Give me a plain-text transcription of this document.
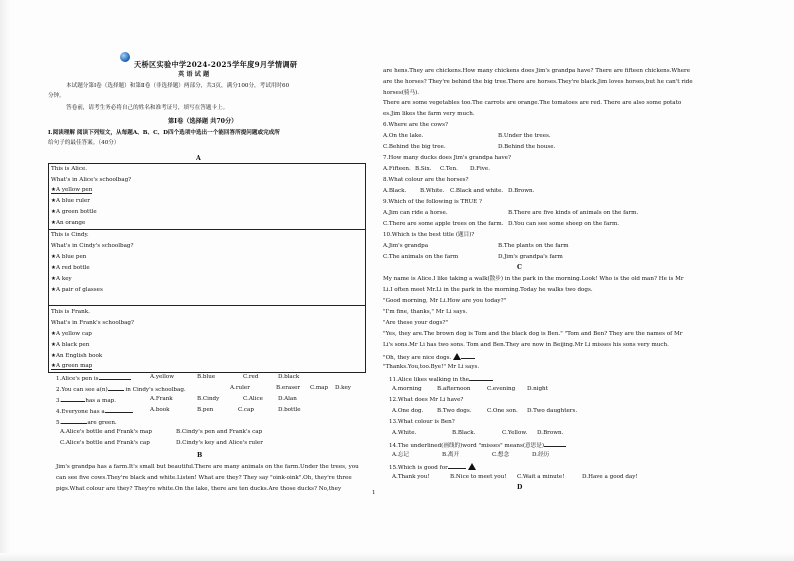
天桥区实验中学2024-2025学年度9月学情调研
英 语 试 题
本试题分第Ⅰ卷（选择题）和第Ⅱ卷（非选择题）两部分，共3页，满分100分，考试用时60
分钟。
答卷前，请考生务必将自己的姓名和准考证号，填写在答题卡上。
第Ⅰ卷（选择题 共70分）
Ⅰ.阅读理解 阅读下列短文，从每题A、B、C、D四个选项中选出一个能回答所提问题或完成所
给句子的最佳答案。（40分）
A
This is Alice.
What's in Alice's schoolbag?
★A yellow pen
★A blue ruler
★A green bottle
★An orange
This is Cindy.
What's in Cindy's schoolbag?
★A blue pen
★A red bottle
★A key
★A pair of glasses
This is Frank.
What's in Frank's schoolbag?
★A yellow cap
★A black pen
★An English book
★A green map
1.Alice's pen is	A.yellow	B.blue	C.red	D.black
2.You can see a(n)	in Cindy's schoolbag.	A.ruler	B.eraser C.map D.key
3.	has a map.	A.Frank	B.Cindy	C.Alice	D.Alan
4.Everyone has a	A.book	B.pen	C.cap	D.bottle
5.	are green.
A.Alice's bottle and Frank's map	B.Cindy's pen and Frank's cap
C.Alice's bottle and Frank's cap	D.Cindy's key and Alice's ruler
B
Jim's grandpa has a farm.It's small but beautiful.There are many animals on the farm.Under the trees, you
can see five cows.They're black and white.Listen! What are they? They say "oink-oink".Oh, they're three
pigs.What colour are they? They're white.On the lake, there are ten ducks.Are those ducks? No,they
are hens.They are chickens.How many chickens does Jim's grandpa have? There are fifteen chickens.Where
are the horses? They're behind the big tree.There are horses.They're black.Jim loves horses,but he can't ride
horses(骑马).
There are some vegetables too.The carrots are orange.The tomatoes are red. There are also some potato
es.Jim likes the farm very much.
6.Where are the cows?
A.On the lake.	B.Under the trees.
C.Behind the big tree.	D.Behind the house.
7.How many ducks does Jim's grandpa have?
A.Fifteen. B.Six. C.Ten. D.Five.
8.What colour are the horses?
A.Black. B.White. C.Black and white. D.Brown.
9.Which of the following is TRUE ?
A.Jim can ride a horse.	B.There are five kinds of animals on the farm.
C.There are some apple trees on the farm. D.You can see some sheep on the farm.
10.Which is the best title (题目)?
A.Jim's grandpa	B.The plants on the farm
C.The animals on the farm	D.Jim's grandpa's farm
C
My name is Alice.I like taking a walk(散步) in the park in the morning.Look! Who is the old man? He is Mr
Li.I often meet Mr.Li in the park in the morning.Today he walks two dogs.
"Good morning, Mr Li.How are you today?"
"I'm fine, thanks," Mr Li says.
"Are these your dogs?"
"Yes, they are.The brown dog is Tom and the black dog is Ben." "Tom and Ben? They are the names of Mr
Li's sons.Mr Li has two sons. Tom and Ben.They are now in Beijing.Mr Li misses his sons very much.
"Oh, they are nice dogs.
"Thanks.You,too.Bye!" Mr Li says.
11.Alice likes walking in the
A.morning	B.afternoon	C.evening D.night
12.What does Mr Li have?
A.One dog. B.Two dogs.	C.One son. D.Two daughters.
13.What colour is Ben?
A.White.	B.Black.	C.Yellow. D.Brown.
14.The underlined(画线的)word "misses" means(意思是)
A.忘记	B.离开	C.想念	D.经历
15.Which is good for
A.Thank you!	B.Nice to meet you! C.Wait a minute!	D.Have a good day!
D
1
